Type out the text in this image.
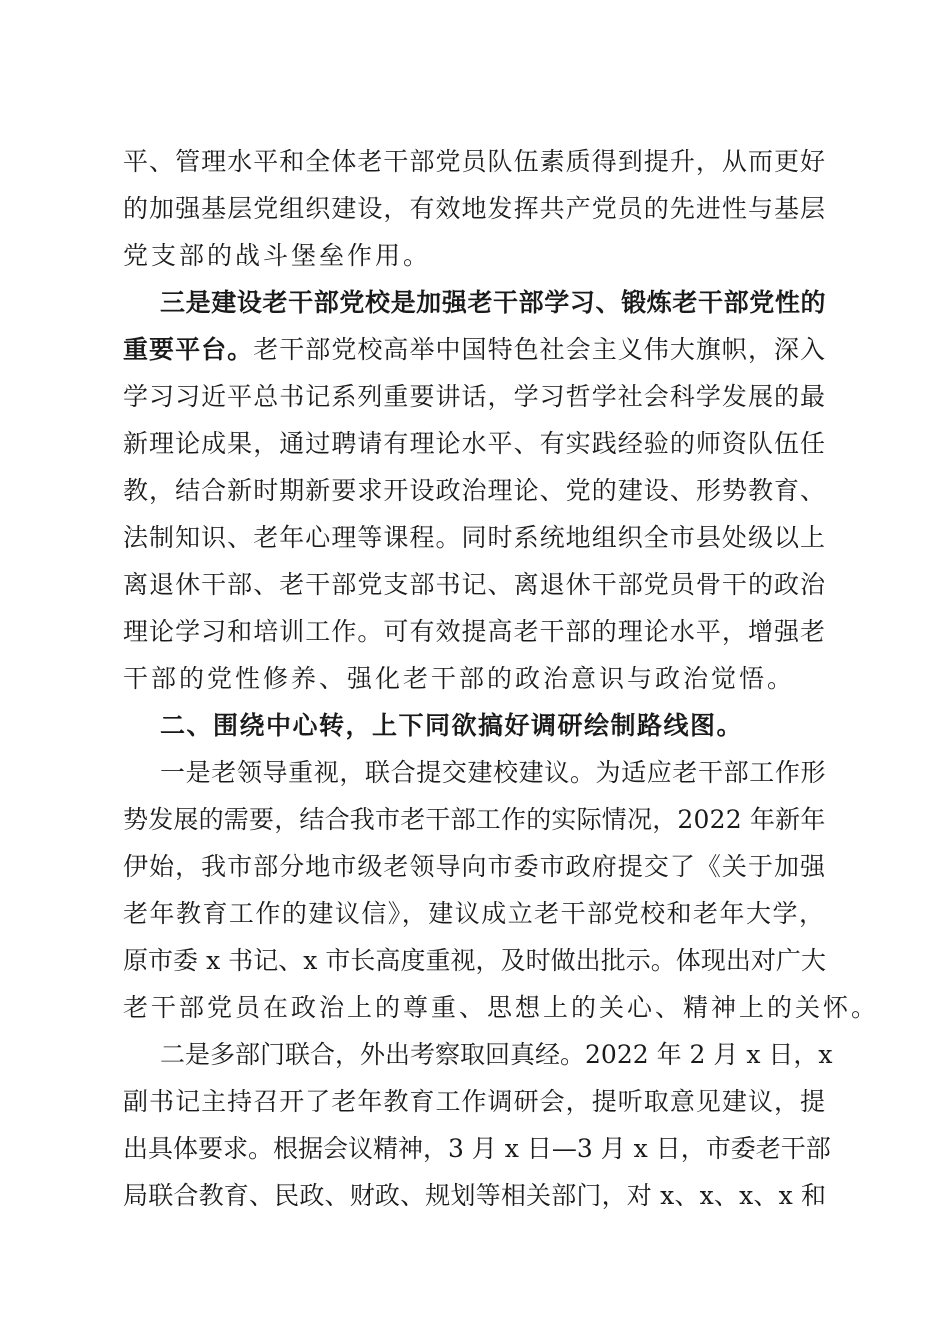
平、管理水平和全体老干部党员队伍素质得到提升，从而更好
的加强基层党组织建设，有效地发挥共产党员的先进性与基层
党支部的战斗堡垒作用。
三是建设老干部党校是加强老干部学习、锻炼老干部党性的
重要平台。老干部党校高举中国特色社会主义伟大旗帜，深入
学习习近平总书记系列重要讲话，学习哲学社会科学发展的最
新理论成果，通过聘请有理论水平、有实践经验的师资队伍任
教，结合新时期新要求开设政治理论、党的建设、形势教育、
法制知识、老年心理等课程。同时系统地组织全市县处级以上
离退休干部、老干部党支部书记、离退休干部党员骨干的政治
理论学习和培训工作。可有效提高老干部的理论水平，增强老
干部的党性修养、强化老干部的政治意识与政治觉悟。
二、围绕中心转，上下同欲搞好调研绘制路线图。
一是老领导重视，联合提交建校建议。为适应老干部工作形
势发展的需要，结合我市老干部工作的实际情况，2022 年新年
伊始，我市部分地市级老领导向市委市政府提交了《关于加强
老年教育工作的建议信》，建议成立老干部党校和老年大学，
原市委 x 书记、x 市长高度重视，及时做出批示。体现出对广大
老干部党员在政治上的尊重、思想上的关心、精神上的关怀。
二是多部门联合，外出考察取回真经。2022 年 2 月 x 日，x
副书记主持召开了老年教育工作调研会，提听取意见建议，提
出具体要求。根据会议精神，3 月 x 日—3 月 x 日，市委老干部
局联合教育、民政、财政、规划等相关部门，对 x、x、x、x 和
